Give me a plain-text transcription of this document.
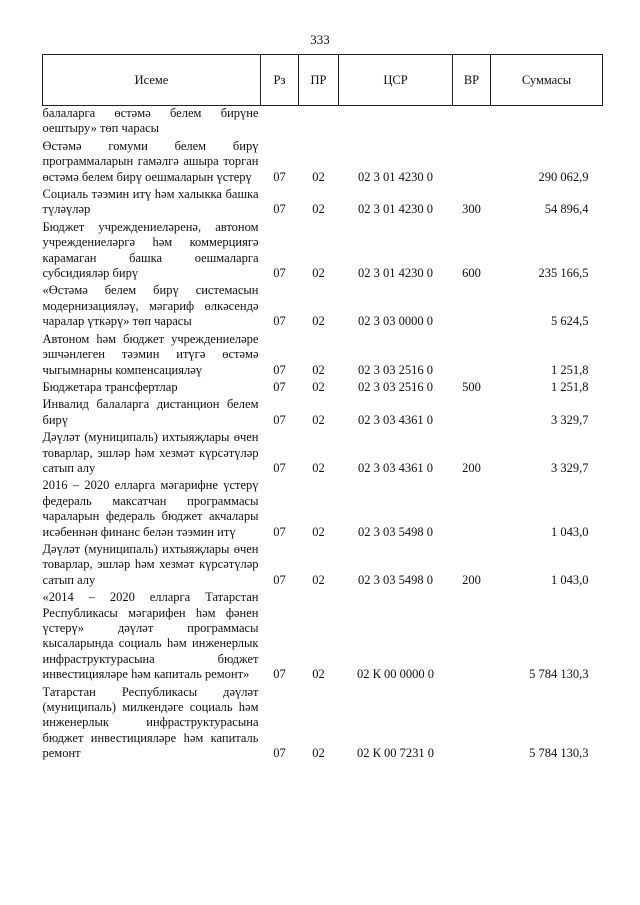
333
Исеме	Рз	ПР	ЦСР	ВР	Суммасы
балаларга өстәмә белем бирүне оештыру» төп чарасы					
Өстәмә гомуми белем бирү программаларын гамәлгә ашыра торган өстәмә белем бирү оешмаларын үстерү	07	02	02 3 01 4230 0		290 062,9
Социаль тәэмин итү һәм халыкка башка түләүләр	07	02	02 3 01 4230 0	300	54 896,4
Бюджет учреждениеләренә, автоном учреждениеләргә һәм коммерциягә карамаган башка оешмаларга субсидияләр бирү	07	02	02 3 01 4230 0	600	235 166,5
«Өстәмә белем бирү системасын модернизацияләү, мәгариф өлкәсендә чаралар үткәрү» төп чарасы	07	02	02 3 03 0000 0		5 624,5
Автоном һәм бюджет учреждениеләре эшчәнлеген тәэмин итүгә өстәмә чыгымнарны компенсацияләү	07	02	02 3 03 2516 0		1 251,8
Бюджетара трансфертлар	07	02	02 3 03 2516 0	500	1 251,8
Инвалид балаларга дистанцион белем бирү	07	02	02 3 03 4361 0		3 329,7
Дәүләт (муниципаль) ихтыяҗлары өчен товарлар, эшләр һәм хезмәт күрсәтүләр сатып алу	07	02	02 3 03 4361 0	200	3 329,7
2016 – 2020 елларга мәгарифне үстерү федераль максатчан программасы чараларын федераль бюджет акчалары исәбеннән финанс белән тәэмин итү	07	02	02 3 03 5498 0		1 043,0
Дәүләт (муниципаль) ихтыяҗлары өчен товарлар, эшләр һәм хезмәт күрсәтүләр сатып алу	07	02	02 3 03 5498 0	200	1 043,0
«2014 – 2020 елларга Татарстан Республикасы мәгарифен һәм фәнен үстерү» дәүләт программасы кысаларында социаль һәм инженерлык инфраструктурасына бюджет инвестицияләре һәм капиталь ремонт»	07	02	02 К 00 0000 0		5 784 130,3
Татарстан Республикасы дәүләт (муниципаль) милкендәге социаль һәм инженерлык инфраструктурасына бюджет инвестицияләре һәм капиталь ремонт	07	02	02 К 00 7231 0		5 784 130,3
